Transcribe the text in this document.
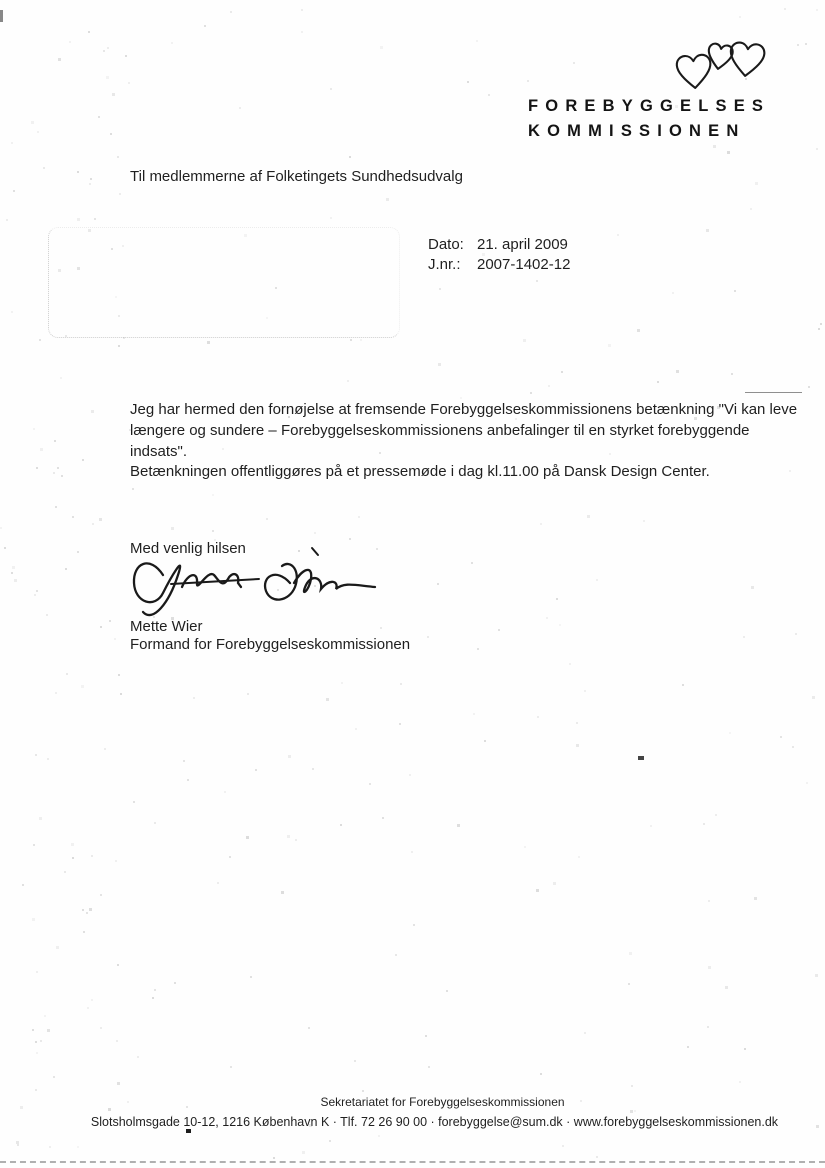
FOREBYGGELSES
KOMMISSIONEN
Til medlemmerne af Folketingets Sundhedsudvalg
Dato: 21. april 2009
J.nr.:	2007-1402-12
Jeg har hermed den fornøjelse at fremsende Forebyggelseskommissionens betænkning "Vi kan leve længere og sundere – Forebyggelseskommissionens anbefalinger til en styrket forebyggende indsats".
Betænkningen offentliggøres på et pressemøde i dag kl.11.00 på Dansk Design Center.
Med venlig hilsen
Mette Wier
Formand for Forebyggelseskommissionen
Sekretariatet for Forebyggelseskommissionen
Slotsholmsgade 10-12, 1216 København K · Tlf. 72 26 90 00 · forebyggelse@sum.dk · www.forebyggelseskommissionen.dk
